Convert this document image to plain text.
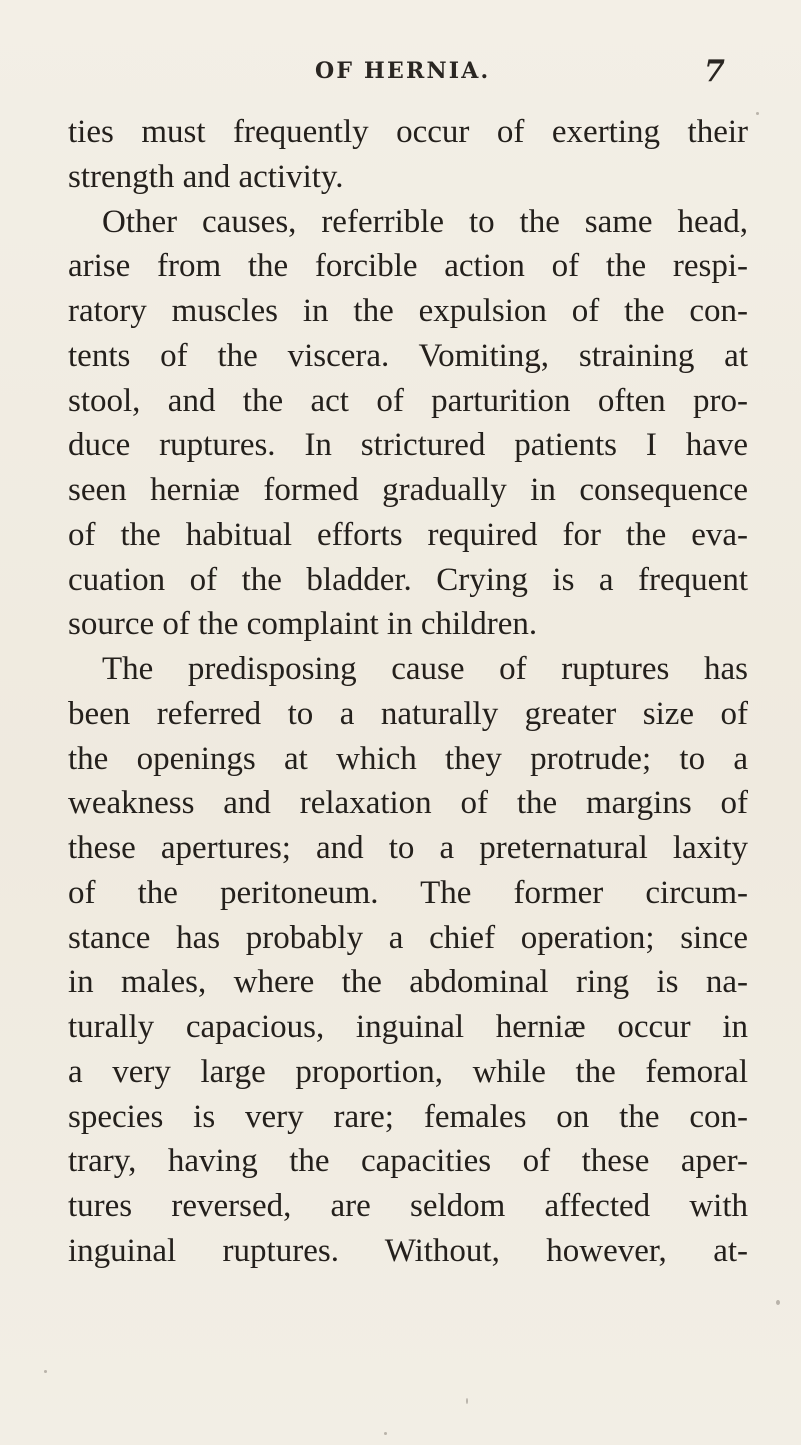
OF HERNIA.	7
ties must frequently occur of exerting their
strength and activity.
Other causes, referrible to the same head,
arise from the forcible action of the respi-
ratory muscles in the expulsion of the con-
tents of the viscera. Vomiting, straining at
stool, and the act of parturition often pro-
duce ruptures. In strictured patients I have
seen herniæ formed gradually in consequence
of the habitual efforts required for the eva-
cuation of the bladder. Crying is a frequent
source of the complaint in children.
The predisposing cause of ruptures has
been referred to a naturally greater size of
the openings at which they protrude; to a
weakness and relaxation of the margins of
these apertures; and to a preternatural laxity
of the peritoneum. The former circum-
stance has probably a chief operation; since
in males, where the abdominal ring is na-
turally capacious, inguinal herniæ occur in
a very large proportion, while the femoral
species is very rare; females on the con-
trary, having the capacities of these aper-
tures reversed, are seldom affected with
inguinal ruptures. Without, however, at-
